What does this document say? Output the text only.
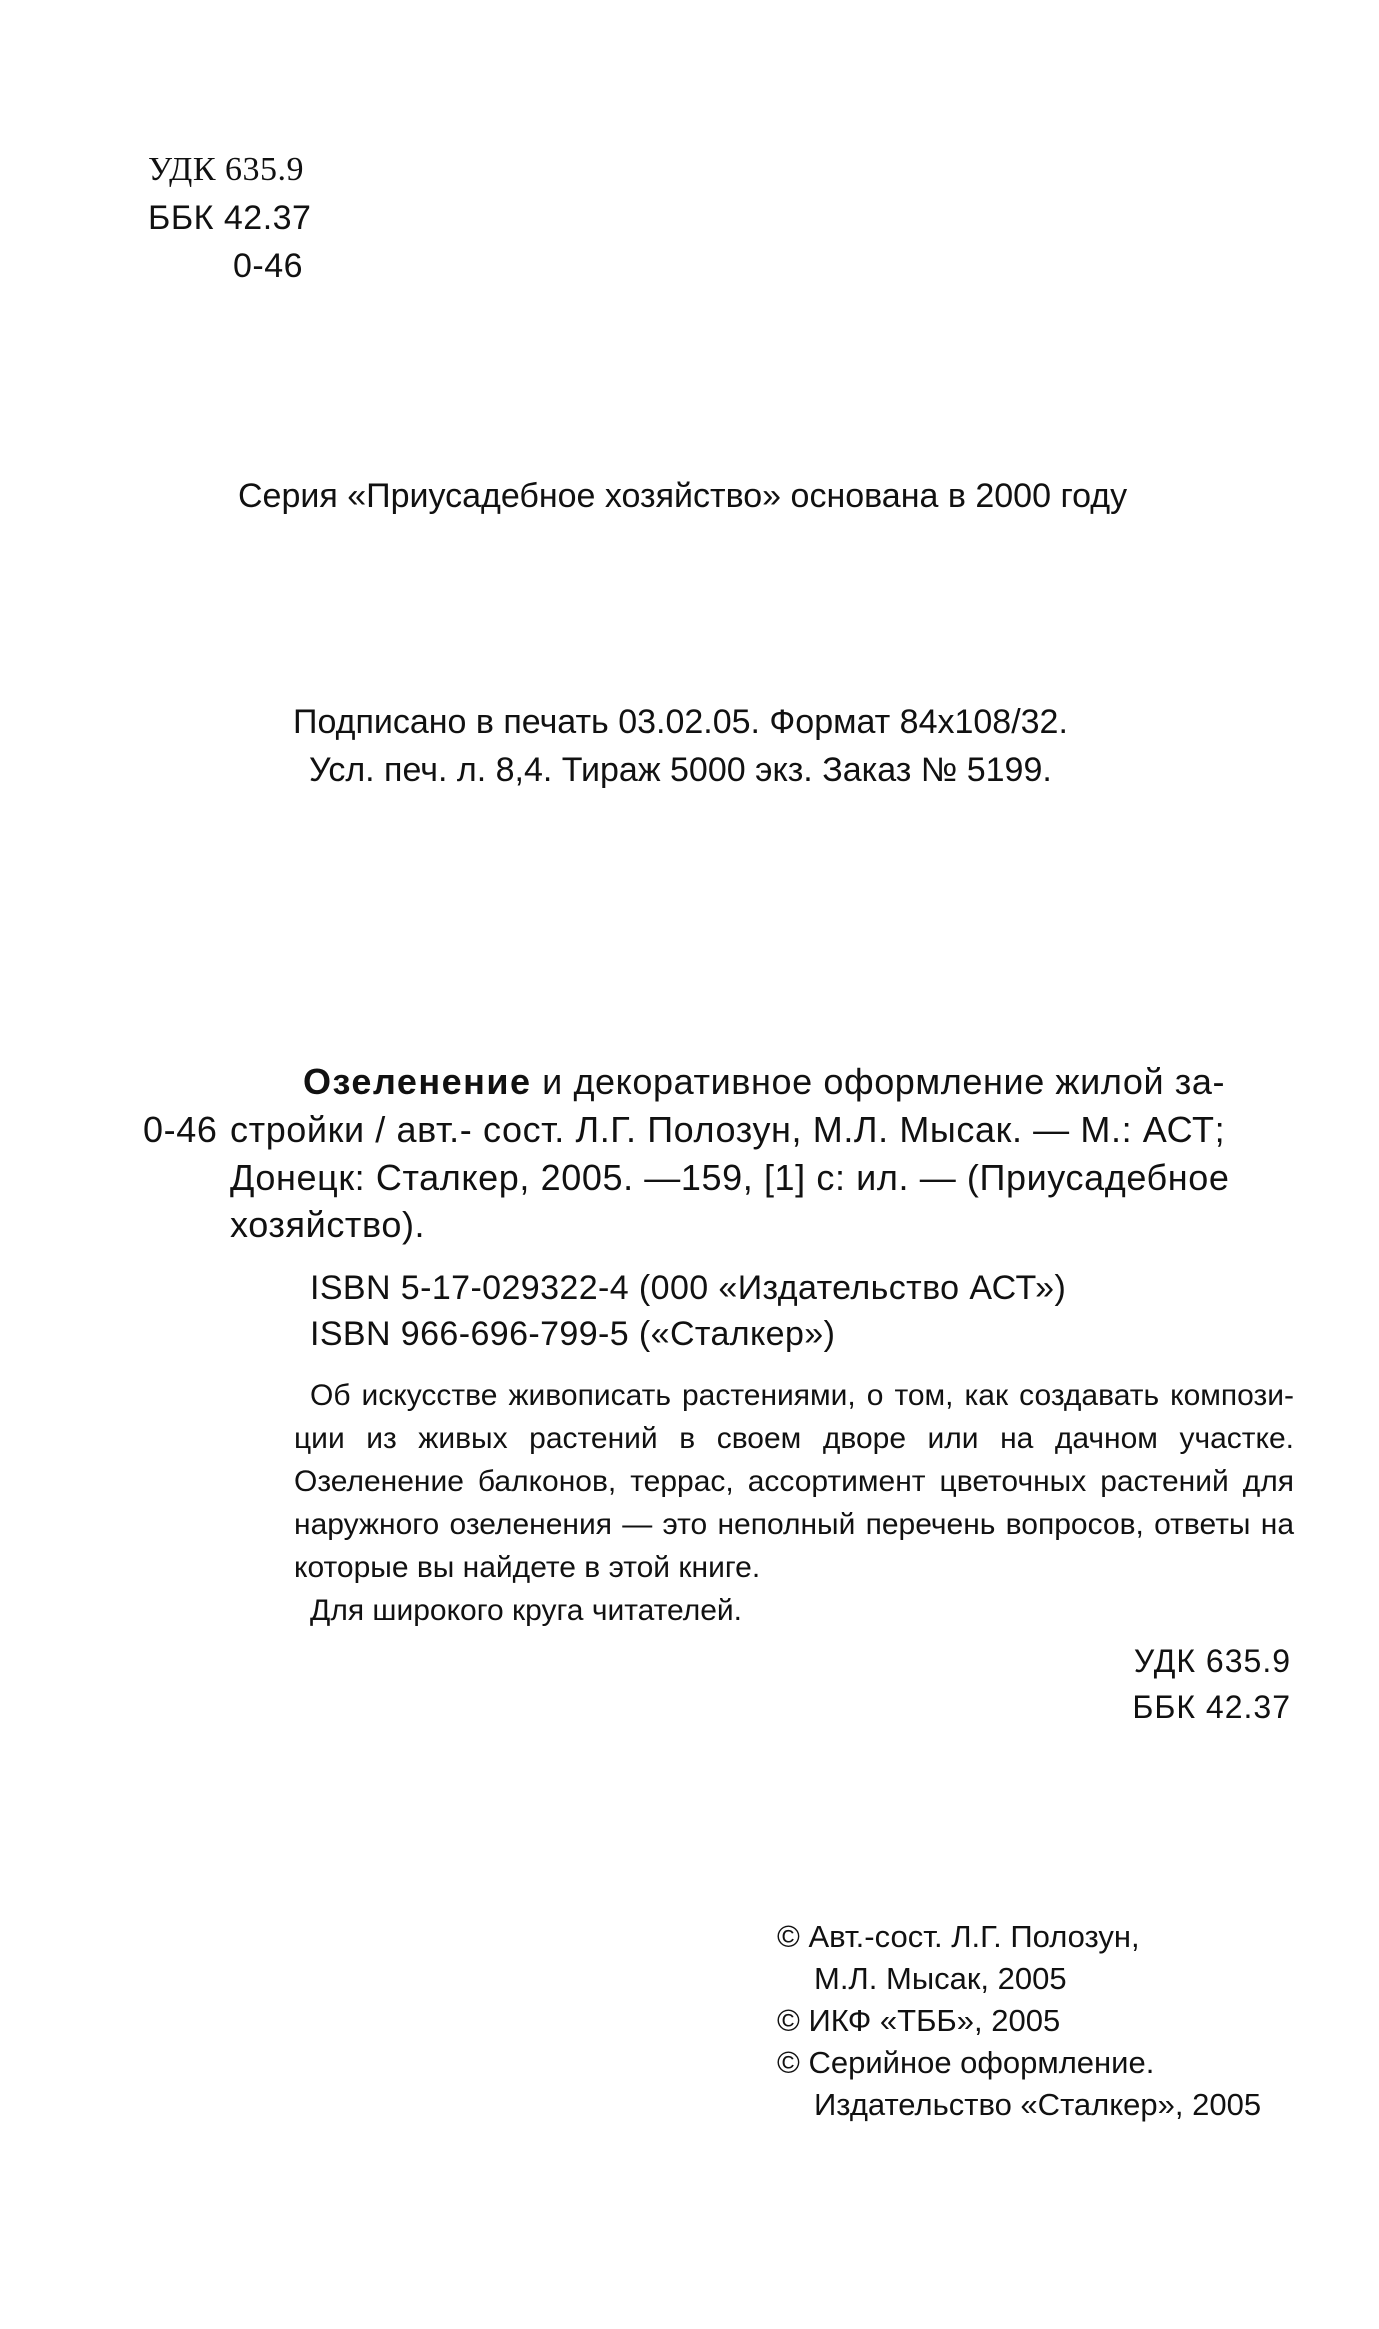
УДК 635.9
ББК 42.37
0-46
Серия «Приусадебное хозяйство» основана в 2000 году
Подписано в печать 03.02.05. Формат 84x108/32.
Усл. печ. л. 8,4. Тираж 5000 экз. Заказ № 5199.
Озеленение и декоративное оформление жилой за-
0-46 стройки / авт.- сост. Л.Г. Полозун, М.Л. Мысак. — М.: АСТ;
Донецк: Сталкер, 2005. —159, [1] с: ил. — (Приусадебное
хозяйство).
ISBN 5-17-029322-4 (000 «Издательство АСТ»)
ISBN 966-696-799-5 («Сталкер»)

Об искусстве живописать растениями, о том, как создавать компози-ции из живых растений в своем дворе или на дачном участке. Озеленение балконов, террас, ассортимент цветочных растений для наружного озеленения — это неполный перечень вопросов, ответы на которые вы найдете в этой книге.

Для широкого круга читателей.

УДК 635.9
ББК 42.37
© Авт.-сост. Л.Г. Полозун,
М.Л. Мысак, 2005
© ИКФ «ТББ», 2005
© Серийное оформление.
Издательство «Сталкер», 2005
